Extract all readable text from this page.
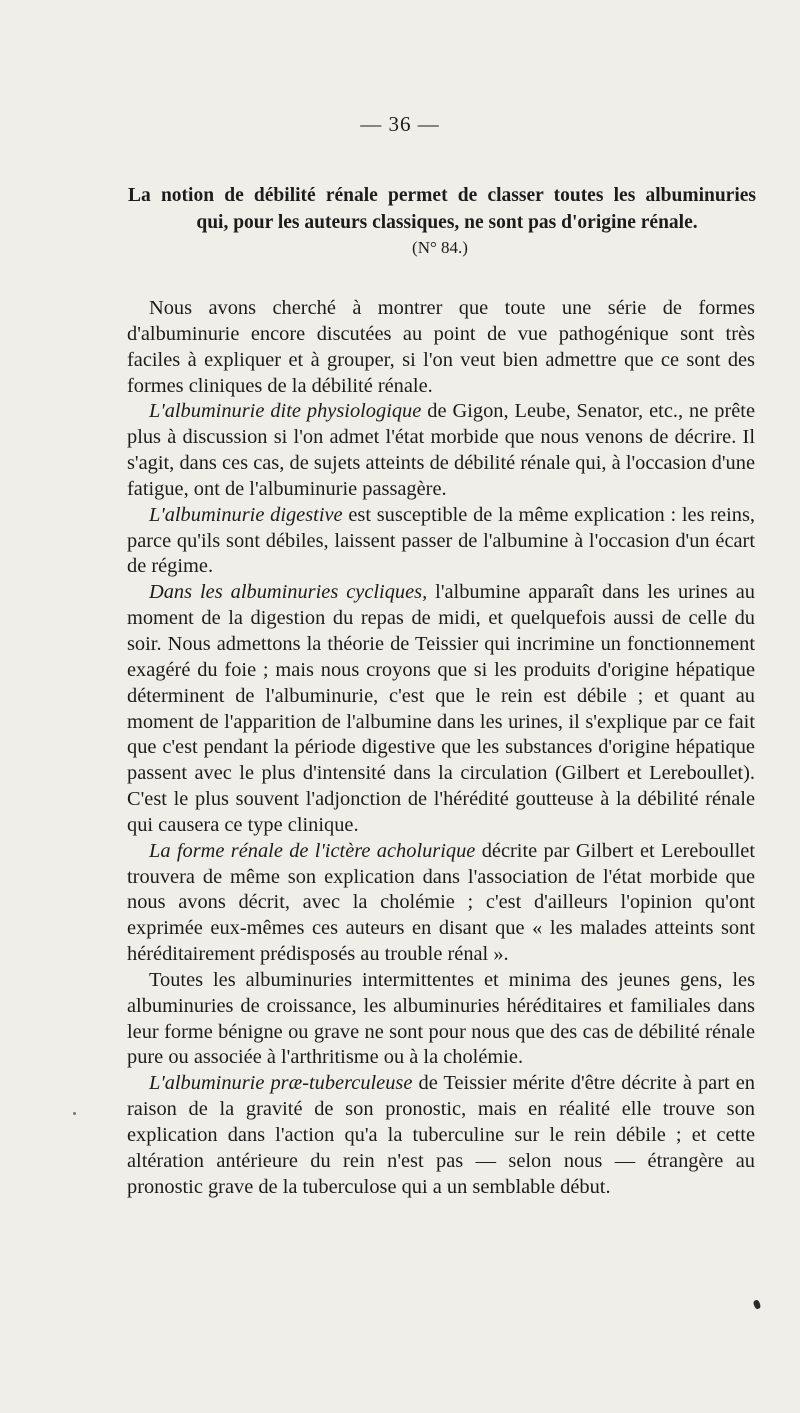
— 36 —
La notion de débilité rénale permet de classer toutes les albuminuries
qui, pour les auteurs classiques, ne sont pas d'origine rénale.
(N° 84.)

Nous avons cherché à montrer que toute une série de formes d'albuminurie encore discutées au point de vue pathogénique sont très faciles à expliquer et à grouper, si l'on veut bien admettre que ce sont des formes cliniques de la débilité rénale.

L'albuminurie dite physiologique de Gigon, Leube, Senator, etc., ne prête plus à discussion si l'on admet l'état morbide que nous venons de décrire. Il s'agit, dans ces cas, de sujets atteints de débilité rénale qui, à l'occasion d'une fatigue, ont de l'albuminurie passagère.

L'albuminurie digestive est susceptible de la même explication : les reins, parce qu'ils sont débiles, laissent passer de l'albumine à l'occasion d'un écart de régime.

Dans les albuminuries cycliques, l'albumine apparaît dans les urines au moment de la digestion du repas de midi, et quelquefois aussi de celle du soir. Nous admettons la théorie de Teissier qui incrimine un fonctionnement exagéré du foie ; mais nous croyons que si les produits d'origine hépatique déterminent de l'albuminurie, c'est que le rein est débile ; et quant au moment de l'apparition de l'albumine dans les urines, il s'explique par ce fait que c'est pendant la période digestive que les substances d'origine hépatique passent avec le plus d'intensité dans la circulation (Gilbert et Lereboullet). C'est le plus souvent l'adjonction de l'hérédité goutteuse à la débilité rénale qui causera ce type clinique.

La forme rénale de l'ictère acholurique décrite par Gilbert et Lereboullet trouvera de même son explication dans l'association de l'état morbide que nous avons décrit, avec la cholémie ; c'est d'ailleurs l'opinion qu'ont exprimée eux-mêmes ces auteurs en disant que « les malades atteints sont héréditairement prédisposés au trouble rénal ».

Toutes les albuminuries intermittentes et minima des jeunes gens, les albuminuries de croissance, les albuminuries héréditaires et familiales dans leur forme bénigne ou grave ne sont pour nous que des cas de débilité rénale pure ou associée à l'arthritisme ou à la cholémie.

L'albuminurie præ-tuberculeuse de Teissier mérite d'être décrite à part en raison de la gravité de son pronostic, mais en réalité elle trouve son explication dans l'action qu'a la tuberculine sur le rein débile ; et cette altération antérieure du rein n'est pas — selon nous — étrangère au pronostic grave de la tuberculose qui a un semblable début.
